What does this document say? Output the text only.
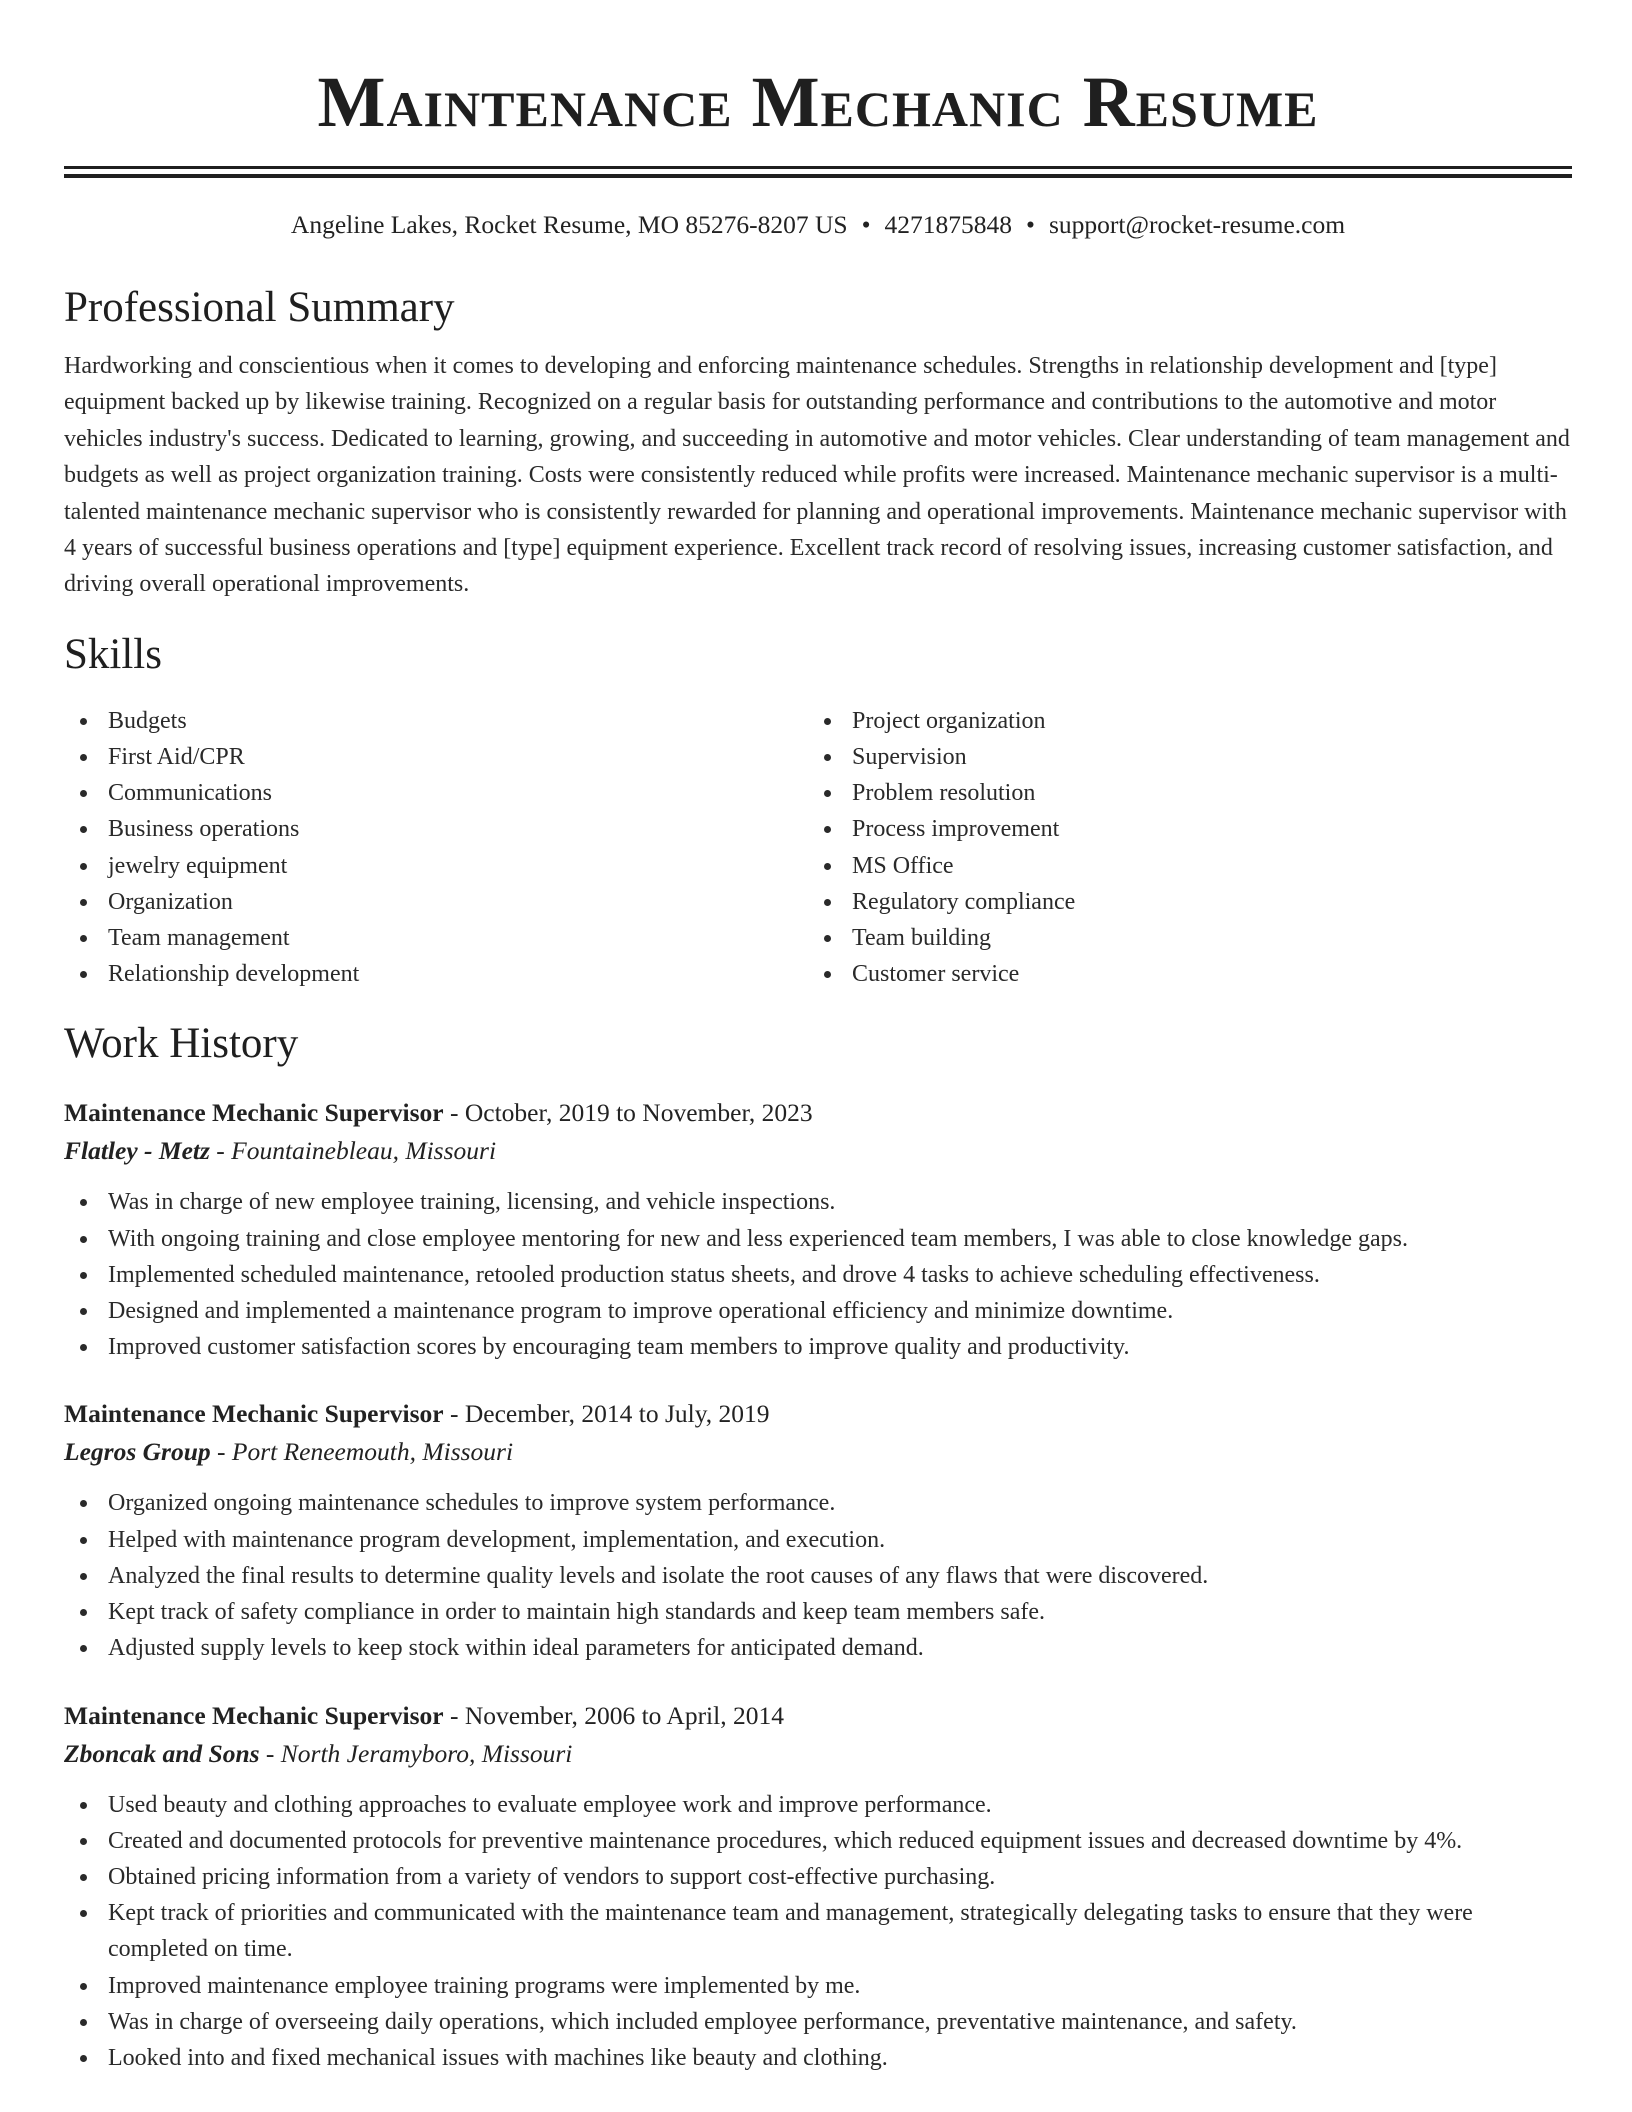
Maintenance Mechanic Resume
Angeline Lakes, Rocket Resume, MO 85276-8207 US • 4271875848 • support@rocket-resume.com
Professional Summary

Hardworking and conscientious when it comes to developing and enforcing maintenance schedules. Strengths in relationship development and [type] equipment backed up by likewise training. Recognized on a regular basis for outstanding performance and contributions to the automotive and motor vehicles industry's success. Dedicated to learning, growing, and succeeding in automotive and motor vehicles. Clear understanding of team management and budgets as well as project organization training. Costs were consistently reduced while profits were increased. Maintenance mechanic supervisor is a multi-talented maintenance mechanic supervisor who is consistently rewarded for planning and operational improvements. Maintenance mechanic supervisor with 4 years of successful business operations and [type] equipment experience. Excellent track record of resolving issues, increasing customer satisfaction, and driving overall operational improvements.

Skills
Budgets
First Aid/CPR
Communications
Business operations
jewelry equipment
Organization
Team management
Relationship development
Project organization
Supervision
Problem resolution
Process improvement
MS Office
Regulatory compliance
Team building
Customer service
Work History
Maintenance Mechanic Supervisor - October, 2019 to November, 2023
Flatley - Metz - Fountainebleau, Missouri
Was in charge of new employee training, licensing, and vehicle inspections.
With ongoing training and close employee mentoring for new and less experienced team members, I was able to close knowledge gaps.
Implemented scheduled maintenance, retooled production status sheets, and drove 4 tasks to achieve scheduling effectiveness.
Designed and implemented a maintenance program to improve operational efficiency and minimize downtime.
Improved customer satisfaction scores by encouraging team members to improve quality and productivity.
Maintenance Mechanic Supervisor - December, 2014 to July, 2019
Legros Group - Port Reneemouth, Missouri
Organized ongoing maintenance schedules to improve system performance.
Helped with maintenance program development, implementation, and execution.
Analyzed the final results to determine quality levels and isolate the root causes of any flaws that were discovered.
Kept track of safety compliance in order to maintain high standards and keep team members safe.
Adjusted supply levels to keep stock within ideal parameters for anticipated demand.
Maintenance Mechanic Supervisor - November, 2006 to April, 2014
Zboncak and Sons - North Jeramyboro, Missouri
Used beauty and clothing approaches to evaluate employee work and improve performance.
Created and documented protocols for preventive maintenance procedures, which reduced equipment issues and decreased downtime by 4%.
Obtained pricing information from a variety of vendors to support cost-effective purchasing.
Kept track of priorities and communicated with the maintenance team and management, strategically delegating tasks to ensure that they were completed on time.
Improved maintenance employee training programs were implemented by me.
Was in charge of overseeing daily operations, which included employee performance, preventative maintenance, and safety.
Looked into and fixed mechanical issues with machines like beauty and clothing.
